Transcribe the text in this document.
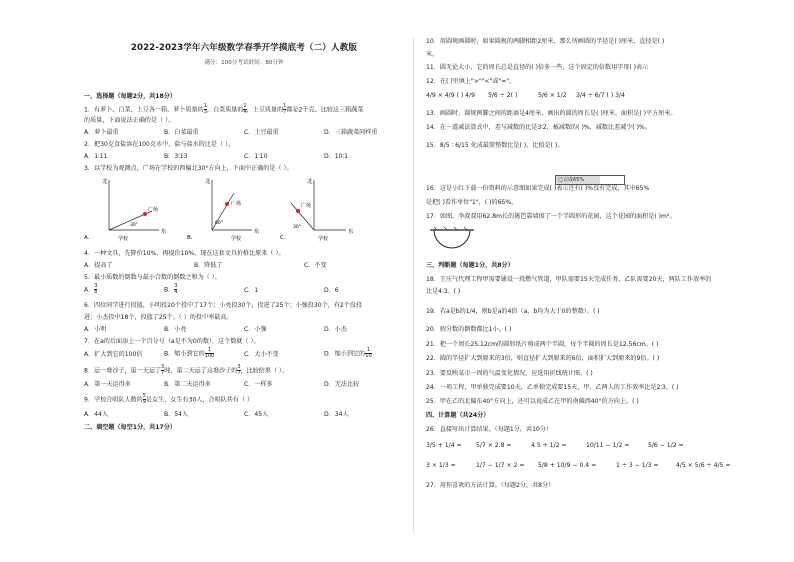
2022-2023学年六年级数学春季开学摸底考（二）人教版
满分：100分考试时间：80分钟
一、选择题（每题2分，共18分）
1．有萝卜、白菜、土豆各一箱，萝卜质量的 $\frac{1}{3}$ ，白菜质量的 $\frac{1}{4}$ ，土豆质量的 $\frac{1}{7}$ 都是2千克。比较这三箱蔬菜
的质量，下面说法正确的是（ ）。
A．萝卜最重	B．白菜最重	C．土豆最重	D．三箱蔬菜同样重
2．把30克食盐溶在100克水中，盐与盐水的比是（ ）。
A．1∶11	B．3∶13	C．1∶10	D．10∶1
3．以学校为观测点，广场在学校的西偏北30°方向上，下面中正确的是（ ）。
北
东
学校
广场
30°
A．
北
东
学校
广场
60°
B．
北
东
学校
广场
30°
C．
4．一种文具，先降价10%，再提价10%，现在这套文具价格比原来（ ）。
A．提高了	B．降低了	C．不变
5．最小质数的倒数与最小合数的倒数之和为（ ）。
A． $\frac{3}{8}$	B． $\frac{3}{4}$	C．1	D．6
6．四位同学进行投篮，小明投20个投中了17个；小亮投30个，投进了25个；小强投30个，有2个没投
进；小杰投中18个，投篮了25个。（ ）的投中率最高。
A．小明	B．小亮	C．小强	D．小杰
7．在a的后面添上一个百分号（a是不为0的数），这个数就（ ）。
A．扩大到它的100倍	B．缩小到它的 $\frac{1}{100}$	C．大小不变	D．缩小到它的 $\frac{1}{10}$
8．运一堆沙子，第一天运了 $\frac{3}{7}$ 吨，第二天运了这堆沙子的 $\frac{3}{7}$ ，比较结果（ ）。
A．第一天运得多	B．第二天运得多	C．一样多	D．无法比较
9．学校合唱队人数的 $\frac{5}{9}$ 是女生，女生有30人，合唱队共有（ ）
A．44人	B．54人	C．45人	D．34人
二、填空题（每空1分，共17分）
10．用圆规画圆时，如果圆规的两脚相距2厘米，那么所画圆的半径是( )厘米，直径是( )
米。
11．圆无论大小，它的周长总是直径的( )倍多一些，这个固定的倍数用字母( )表示
12．在( )里填上">""<"或"="。
4/9 × 4/9 ( ) 4/9 5/6 ÷ 2( )	5/6 × 1/2 3/4 ÷ 6/7 ( ) 3/4
13．画圆时，圆规两脚之间的距离是4厘米，画出的圆的周长是( )厘米，面积是( )平方厘米。
14．在一道减法算式中，差与减数的比是3∶2，被减数的( )%，减数比差减少( )%。
15．8/5 ∶ 6/15 化成最简整数比是( )，比值是( )。
已完成65%
16．这是小红下载一份资料的示意图如果完成( )表示还有( )%没有完成，其中65%
是把( )看作单位"1"，( )的65%。
17．如图，李叔叔用62.8m长的篱笆靠墙围了一个半圆形的花园，这个花园的面积是( )m²。
三、判断题（每题1分，共8分）
18．王庄气代理工程甲需要铺设一段燃气管道，甲队需要15天完成任务，乙队需要20天，两队工作效率的
比是4∶3。( )
19．若a是b的1/4，则b是a的4倍（a、b均为大于0的整数）。( )
20．假分数的倒数都比1小。( )
21．把一个周长25.12cm的圆形纸片剪成两个半圆，每个半圆的周长是12.56cm。( )
22．圆的半径扩大到原来的3倍，则直径扩大到原来的6倍，面积扩大到原来的9倍。( )
23．要反映某市一周的气温变化情况，应选用折线统计图。( )
24．一项工程，甲单独完成要10天，乙单独完成要15天，甲、乙两人的工作效率比是2∶3。( )
25．甲在乙的北偏东40°方向上，还可以说成乙在甲的南偏西40°的方向上。( )
四、计算题（共24分）
26．直接写出计算结果。（每题1分，共10分）
3/5 + 1/4 = 5/7 × 2.8 =	4.5 + 1/2 =	10/11 − 1/2 =	5/6 − 1/2 =
3 × 1/3 =	1/7 − 1/7 × 2 = 5/8 + 10/9 − 0.4 =	1 ÷ 3 − 1/3 =	4/5 × 5/6 ÷ 4/5 =
27．用你喜欢的方法计算。（每题2分，共8分）
